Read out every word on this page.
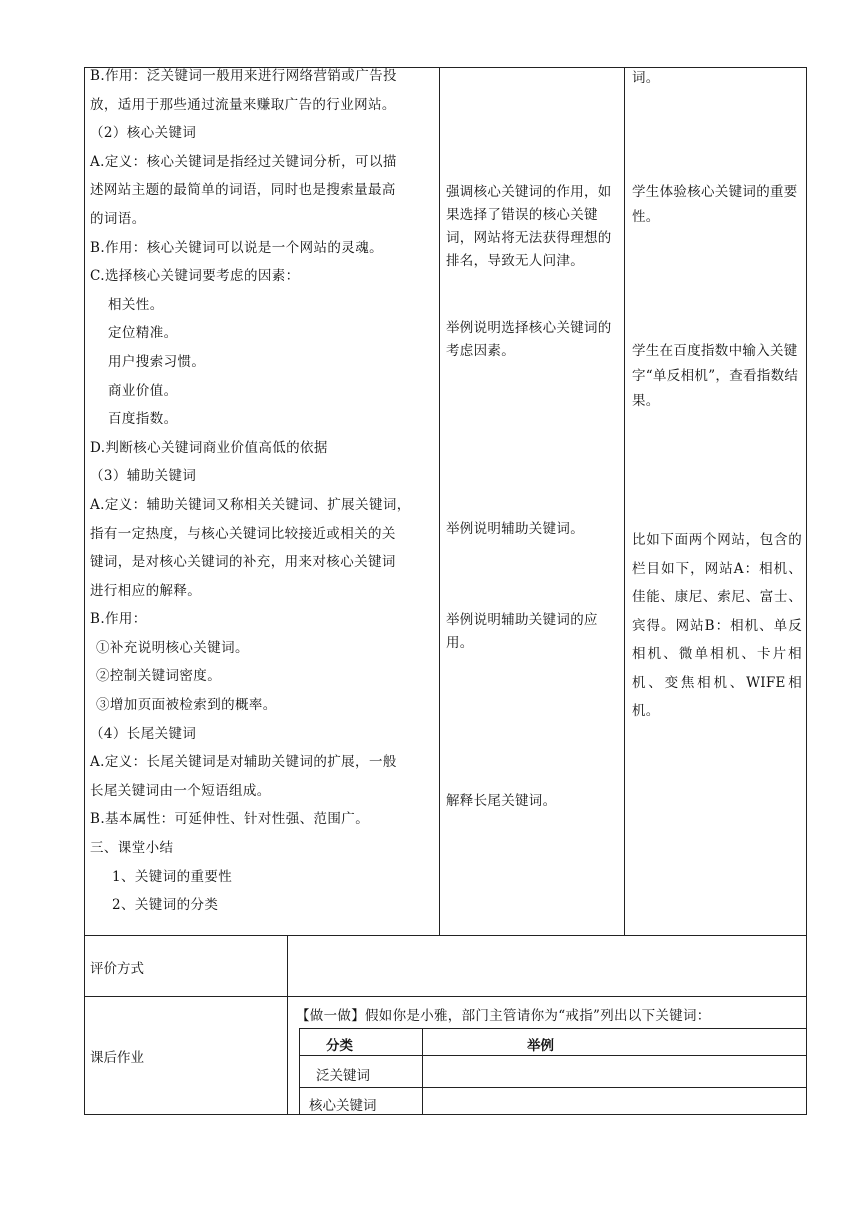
B.作用：泛关键词一般用来进行网络营销或广告投
放，适用于那些通过流量来赚取广告的行业网站。
（2）核心关键词
A.定义：核心关键词是指经过关键词分析，可以描
述网站主题的最简单的词语，同时也是搜索量最高
的词语。
B.作用：核心关键词可以说是一个网站的灵魂。
C.选择核心关键词要考虑的因素：
相关性。
定位精准。
用户搜索习惯。
商业价值。
百度指数。
D.判断核心关键词商业价值高低的依据
（3）辅助关键词
A.定义：辅助关键词又称相关关键词、扩展关键词，
指有一定热度，与核心关键词比较接近或相关的关
键词，是对核心关键词的补充，用来对核心关键词
进行相应的解释。
B.作用：
①补充说明核心关键词。
②控制关键词密度。
③增加页面被检索到的概率。
（4）长尾关键词
A.定义：长尾关键词是对辅助关键词的扩展，一般
长尾关键词由一个短语组成。
B.基本属性：可延伸性、针对性强、范围广。
三、课堂小结
1、关键词的重要性
2、关键词的分类
强调核心关键词的作用，如果选择了错误的核心关键词，网站将无法获得理想的排名，导致无人问津。
举例说明选择核心关键词的考虑因素。
举例说明辅助关键词。
举例说明辅助关键词的应用。
解释长尾关键词。
词。
学生体验核心关键词的重要性。
学生在百度指数中输入关键字“单反相机”，查看指数结果。
比如下面两个网站，包含的栏目如下，网站A：相机、佳能、康尼、索尼、富士、宾得。网站B：相机、单反相机、微单相机、卡片相机、变焦相机、WIFE相机。
评价方式
课后作业
【做一做】假如你是小雅，部门主管请你为“戒指”列出以下关键词：
分类	举例
泛关键词
核心关键词
